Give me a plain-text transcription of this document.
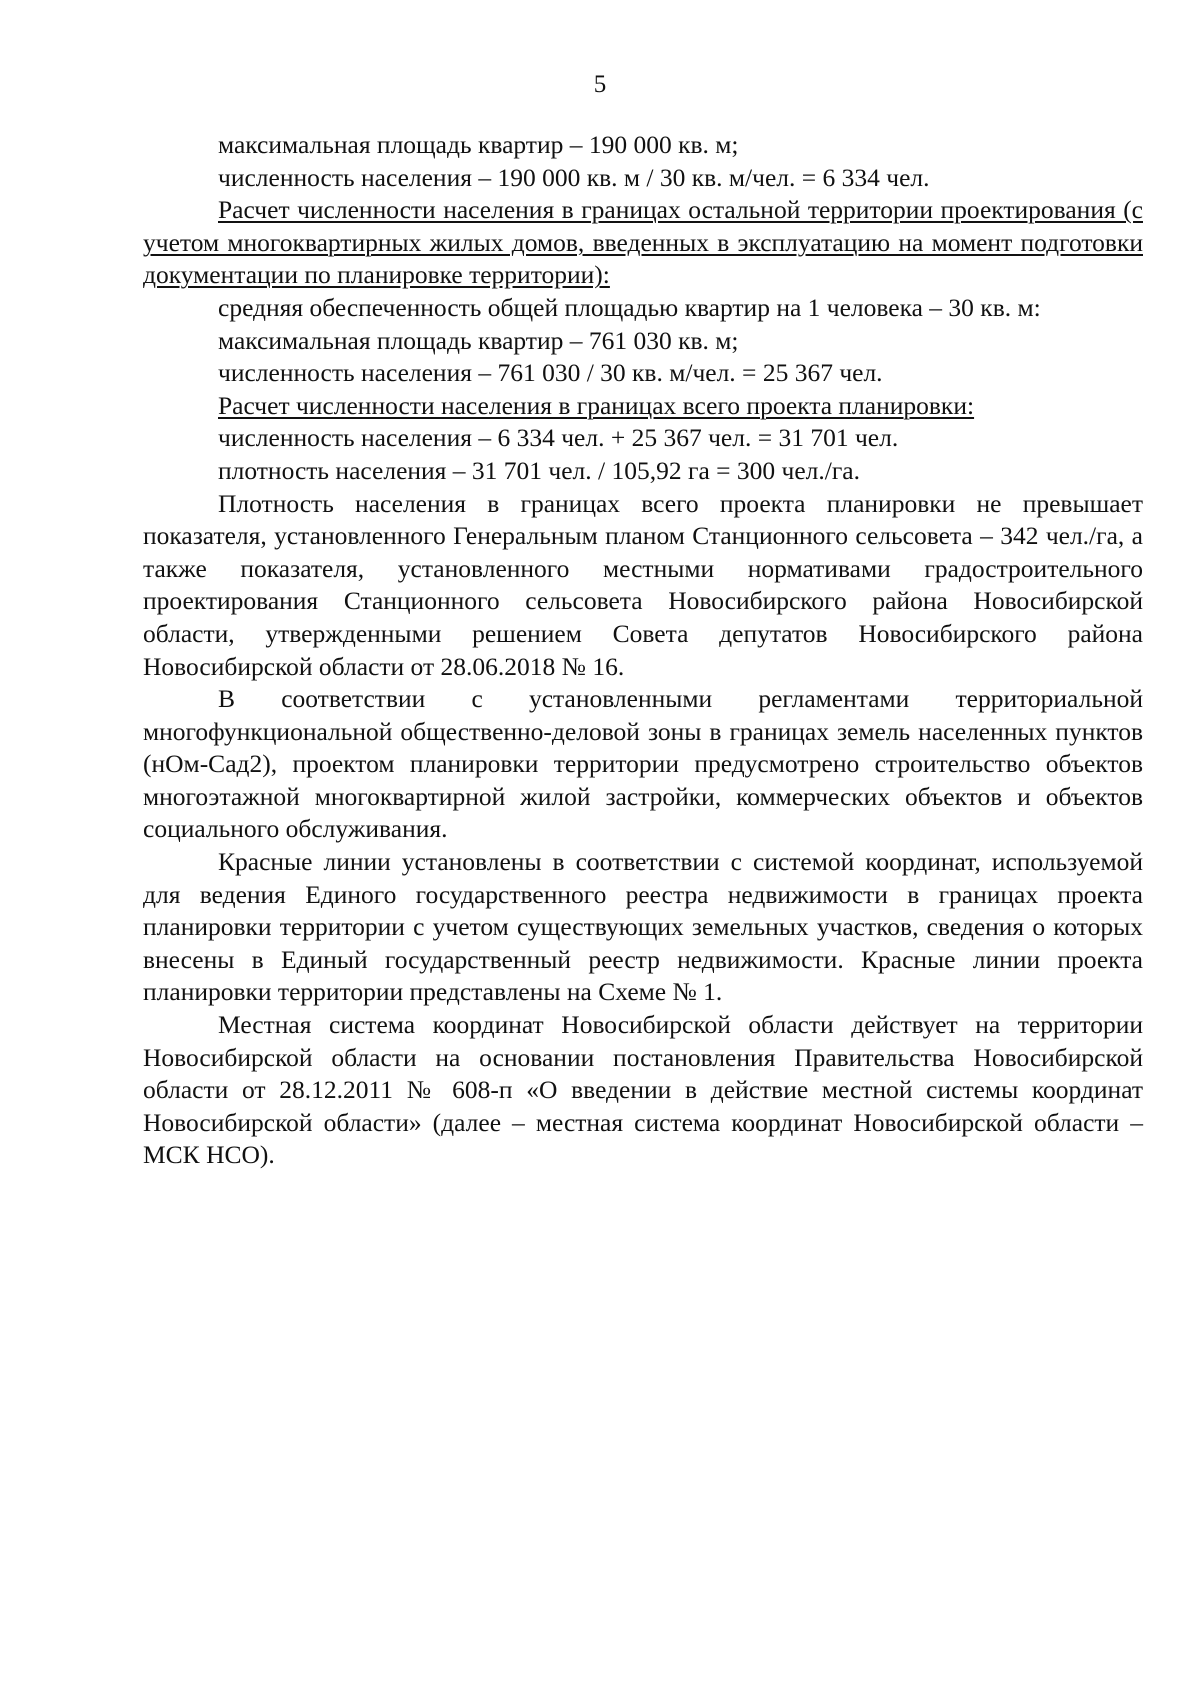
5

максимальная площадь квартир – 190 000 кв. м;

численность населения – 190 000 кв. м / 30 кв. м/чел. = 6 334 чел.

Расчет численности населения в границах остальной территории проектирования (с учетом многоквартирных жилых домов, введенных в эксплуатацию на момент подготовки документации по планировке территории):

средняя обеспеченность общей площадью квартир на 1 человека – 30 кв. м:

максимальная площадь квартир – 761 030 кв. м;

численность населения – 761 030 / 30 кв. м/чел. = 25 367 чел.

Расчет численности населения в границах всего проекта планировки:

численность населения – 6 334 чел. + 25 367 чел. = 31 701 чел.

плотность населения – 31 701 чел. / 105,92 га = 300 чел./га.

Плотность населения в границах всего проекта планировки не превышает показателя, установленного Генеральным планом Станционного сельсовета – 342 чел./га, а также показателя, установленного местными нормативами градостроительного проектирования Станционного сельсовета Новосибирского района Новосибирской области, утвержденными решением Совета депутатов Новосибирского района Новосибирской области от 28.06.2018 № 16.

В соответствии с установленными регламентами территориальной многофункциональной общественно-деловой зоны в границах земель населенных пунктов (нОм-Сад2), проектом планировки территории предусмотрено строительство объектов многоэтажной многоквартирной жилой застройки, коммерческих объектов и объектов социального обслуживания.

Красные линии установлены в соответствии с системой координат, используемой для ведения Единого государственного реестра недвижимости в границах проекта планировки территории с учетом существующих земельных участков, сведения о которых внесены в Единый государственный реестр недвижимости. Красные линии проекта планировки территории представлены на Схеме № 1.

Местная система координат Новосибирской области действует на территории Новосибирской области на основании постановления Правительства Новосибирской области от 28.12.2011 № 608-п «О введении в действие местной системы координат Новосибирской области» (далее – местная система координат Новосибирской области – МСК НСО).
